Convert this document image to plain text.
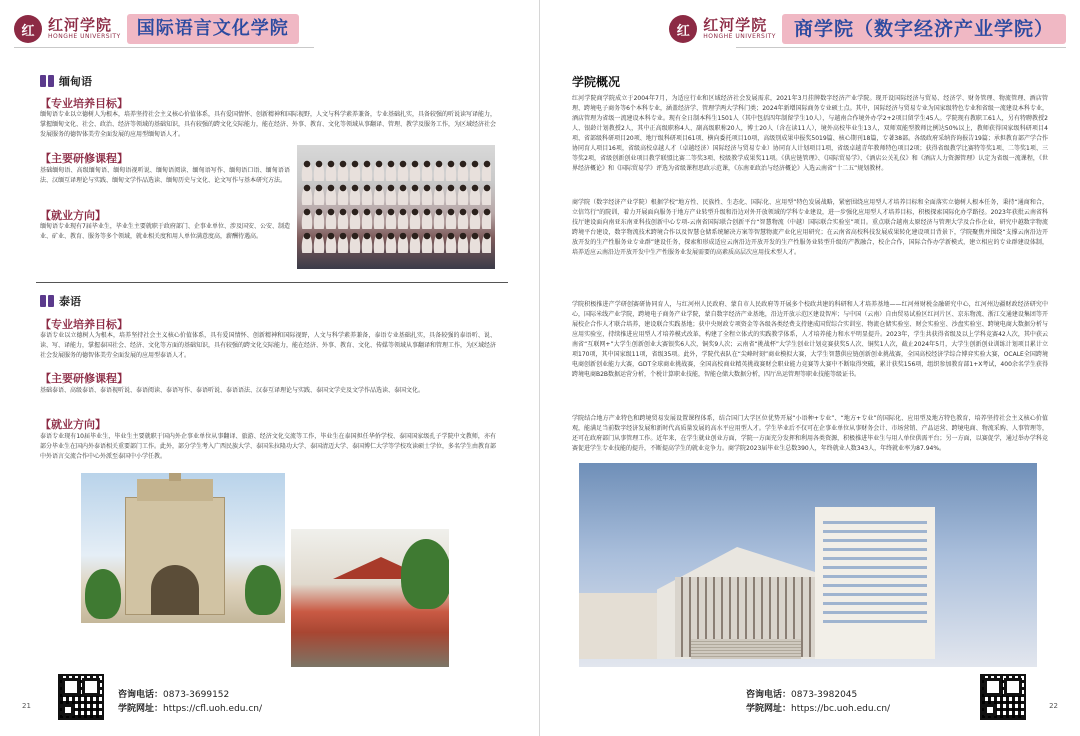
红 红河学院
HONGHE UNIVERSITY 国际语言文化学院
缅甸语
【专业培养目标】
缅甸语专业以立德树人为根本，培养坚持社会主义核心价值体系，具有爱国情怀、创新精神和国际视野，人文与科学素养兼备，专业基础扎实，具备较强的听说读写译能力，掌握缅甸文化、社会、政治、经济等领域的基础知识，具有较强的跨文化交际能力，能在经济、外事、教育、文化等领域从事翻译、管理、教学及服务工作，为区域经济社会发展服务的德智体美劳全面发展的应用型缅甸语人才。
【主要研修课程】
基础缅甸语、高级缅甸语、缅甸语视听说、缅甸语阅读、缅甸语写作、缅甸语口语、缅甸语语法、汉缅互译理论与实践、缅甸文学作品选读、缅甸历史与文化、论文写作与基本研究方法。
【就业方向】
缅甸语专业现有7届毕业生，毕业生主要就职于政府部门、企事业单位、涉及国安、公安、制造业、矿业、教育、服务等多个领域，就业相关度和用人单位满意度高，薪酬待遇高。
泰语
【专业培养目标】
泰语专业以立德树人为根本，培养坚持社会主义核心价值体系，具有爱国情怀、创新精神和国际视野，人文与科学素养兼备，泰语专业基础扎实，具备较强的泰语听、说、读、写、译能力，掌握泰国社会、经济、文化等方面的基础知识，具有较强的跨文化交际能力，能在经济、外事、教育、文化、传媒等领域从事翻译和管理工作，为区域经济社会发展服务的德智体美劳全面发展的应用型泰语人才。
【主要研修课程】
基础泰语、高级泰语、泰语视听说、泰语阅读、泰语写作、泰语听说、泰语语法、汉泰互译理论与实践、泰国文学史及文学作品选读、泰国文化。
【就业方向】
泰语专业现有10届毕业生，毕业生主要就职于国内外企事业单位从事翻译、旅游、经济文化交流等工作，毕业生在泰国担任华侨学校、泰国国家级孔子学院中文教师，亦有部分毕业生在国内外泰语相关重要部门工作。此外，部分学生考入广西民族大学、泰国朱拉隆功大学、泰国清迈大学、泰国博仁大学等学校攻读硕士学位，多名学生由教育部中外语言交流合作中心外派至泰国中小学任教。
咨询电话：0873-3699152
学院网址：https://cfl.uoh.edu.cn/
21
商学院（数字经济产业学院）
红河学院
HONGHE UNIVERSITY
红
学院概况
红河学院商学院成立于2004年7月，为适应行业和区域经济社会发展需求，2021年3月挂牌数字经济产业学院。现开设国际经济与贸易、经济学、财务管理、物流管理、酒店管理、跨境电子商务等6个本科专业，涵盖经济学、管理学两大学科门类；2024年新增国际商务专业硕士点。其中，国际经济与贸易专业为国家级特色专业和省级一流建设本科专业，酒店管理为省级一流建设本科专业。现有全日制本科生1501人（其中包括四年制留学生10人），与越南合作境外办学2+2项目留学生45人。学院现有教职工61人，另有特聘教授2人、银龄计划教授2人，其中正高级职称4人、副高级职称20人，博士20人（含在读11人），境外高校毕业生13人，双师双能型教师比例达50%以上，教师获得国家级科研项目4项、省部级科研项目20项、地厅级科研项目61项、横向委托项目10项，高级别成果申报奖5019篇、核心期刊18篇，专著38部。各级政府采纳咨询报告19篇；承担教育部产学合作协同育人项目16项，省级高校卓越人才（卓越经济）国际经济与贸易专业）协同育人计划项目1项，省级卓越青年教师特色项目2项；获得省级教学比赛特等奖1项、二等奖1项、三等奖2项，省级创新创业项目教学联盟比赛二等奖3项、校级教学成果奖11项。《供应链管理》、《国际贸易学》、《酒店公关礼仪》和《酒店人力资源管理》认定为省级一流课程，《世界经济概论》和《国际贸易学》评选为省级课程思政示范课，《东南亚政治与经济概论》入选云南省“十二五”规划教材。
商学院（数字经济产业学院）根据学校“地方性、民族性、生态化、国际化、应用型”特色发展战略，紧密围绕应用型人才培养目标和全面落实立德树人根本任务，秉持“通商和合，立信笃行”的院训，着力开展面向服务于地方产业转型升级和沿边对外开放领域的学科专业建设，进一步强化应用型人才培养目标，积极探索国际化办学路径。2023年获批云南省科技厅建设面向南亚东南亚科技创新中心专项-云南省国际联合创新平台“智慧物流（中越）国际联合实验室”项目。重点联合越南太原经济与管理大学及合作企业，研究中越数字物流跨境平台建设，数字物流技术跨境合作以及智慧仓储系统解决方案等智慧物流产业化应用研究；在云南省高校科技发展成果转化建设项目背景下，学院聚焦并围绕“支撑云南沿边开放开发的生产性服务业专业群”建设任务，探索和形成适应云南沿边开放开发的生产性服务业转型升级的产教融合，校企合作，国际合作办学新模式，建立相应的专业群建设体制，培养适应云南沿边开放开发中生产性服务业发展需要的高素质高层次应用技术型人才。
学院积极推进产学研创赛研协同育人，与红河州人民政府、蒙自市人民政府等开展多个校政共建的科研和人才培养基地——红河州财税金融研究中心，红河州边疆财政经济研究中心，国际米线产业学院，跨境电子商务产业学院，蒙自数字经济产业基地，沿边开放示范区建设智库；与中国（云南）自由贸易试验区红河片区、京东物流、浙江交通建设集团等开展校企合作人才联合培养，建设联合实践基地；获中央财政专项资金等各级各类经费支持建成国贸综合实训室、物流仓储实验室、财会实验室、沙盘实验室、跨境电商大数据分析与应用实验室，持续推进应用型人才培养模式改革，构建了全程立体式的实践教学体系，人才培养能力和水平明显提升。2023年，学生共获得省级及以上学科竞赛42人次，其中获云南省“互联网+”大学生创新创业大赛银奖6人次，铜奖9人次；云南省“挑战杯”大学生创业计划竞赛获奖5人次、铜奖1人次，截止2024年5月，大学生创新创业训练计划项目累计立项170项，其中国家级11项，省级35项。此外，学院代表队在“尖峰时刻”商业模拟大赛，大学生智慧供应链创新创业挑战赛，全国高校经济学综合博弈实验大赛，OCALE全国跨境电商创新创业能力大赛，GDT全球商业挑战赛，全国高校商业精英挑战赛财会职业能力竞赛等大赛中不断取得突破，累计获奖156项，组织参加教育部1+X考试，400余名学生获得跨境电商B2B数据运营分析，个税计算职业技能，智能仓储大数据分析，四厅出运管理等职业技能等级证书。
学院结合地方产业特色和跨境贸易发展设置课程体系，结合国门大学区位优势开展“小语种+专业”、“地方+专业”的国际化、应用型及地方特色教育，培养坚持社会主义核心价值观，能满足当前数字经济发展和新时代高质量发展的高水平应用型人才。学生毕业后不仅可在企事业单位从事财务会计、市场营销、产品运营、跨境电商、物流采购、人事管理等，还可在政府部门从事管理工作。近年来，在学生就业创业方面，学院一方面充分发挥和利用各类资源，积极推进毕业生与用人单位供需平台；另一方面，以赛促学，通过举办学科竞赛促进学生专业技能的提升，不断提高学生的就业竞争力。商学院2023届毕业生总数390人，年终就业人数343人，年终就业率为87.94%。
咨询电话：0873-3982045
学院网址：https://bc.uoh.edu.cn/	22
